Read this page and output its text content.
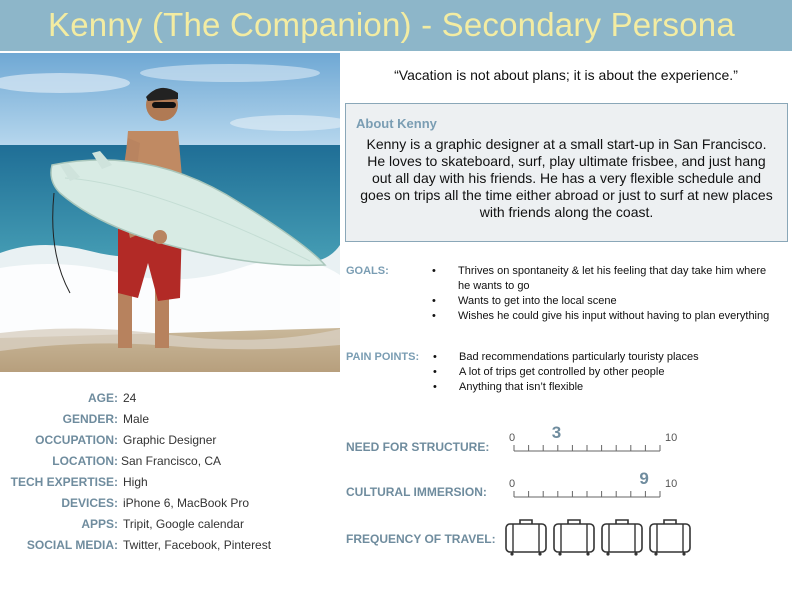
Kenny (The Companion) - Secondary Persona
“Vacation is not about plans; it is about the experience.”
About Kenny

Kenny is a graphic designer at a small start-up in San Francisco. He loves to skateboard, surf, play ultimate frisbee, and just hang out all day with his friends. He has a very flexible schedule and goes on trips all the time either abroad or just to surf at new places with friends along the coast.

GOALS:	• Thrives on spontaneity & let his feeling that day take him where he wants to go
• Wants to get into the local scene
• Wishes he could give his input without having to plan everything
PAIN POINTS:	• Bad recommendations particularly touristy places
• A lot of trips get controlled by other people
• Anything that isn’t flexible
AGE: 24
GENDER: Male
OCCUPATION: Graphic Designer
LOCATION: San Francisco, CA
TECH EXPERTISE: High
DEVICES: iPhone 6, MacBook Pro
APPS: Tripit, Google calendar
SOCIAL MEDIA: Twitter, Facebook, Pinterest
NEED FOR STRUCTURE:
0	10
3
CULTURAL IMMERSION:
0	10
9
FREQUENCY OF TRAVEL:
